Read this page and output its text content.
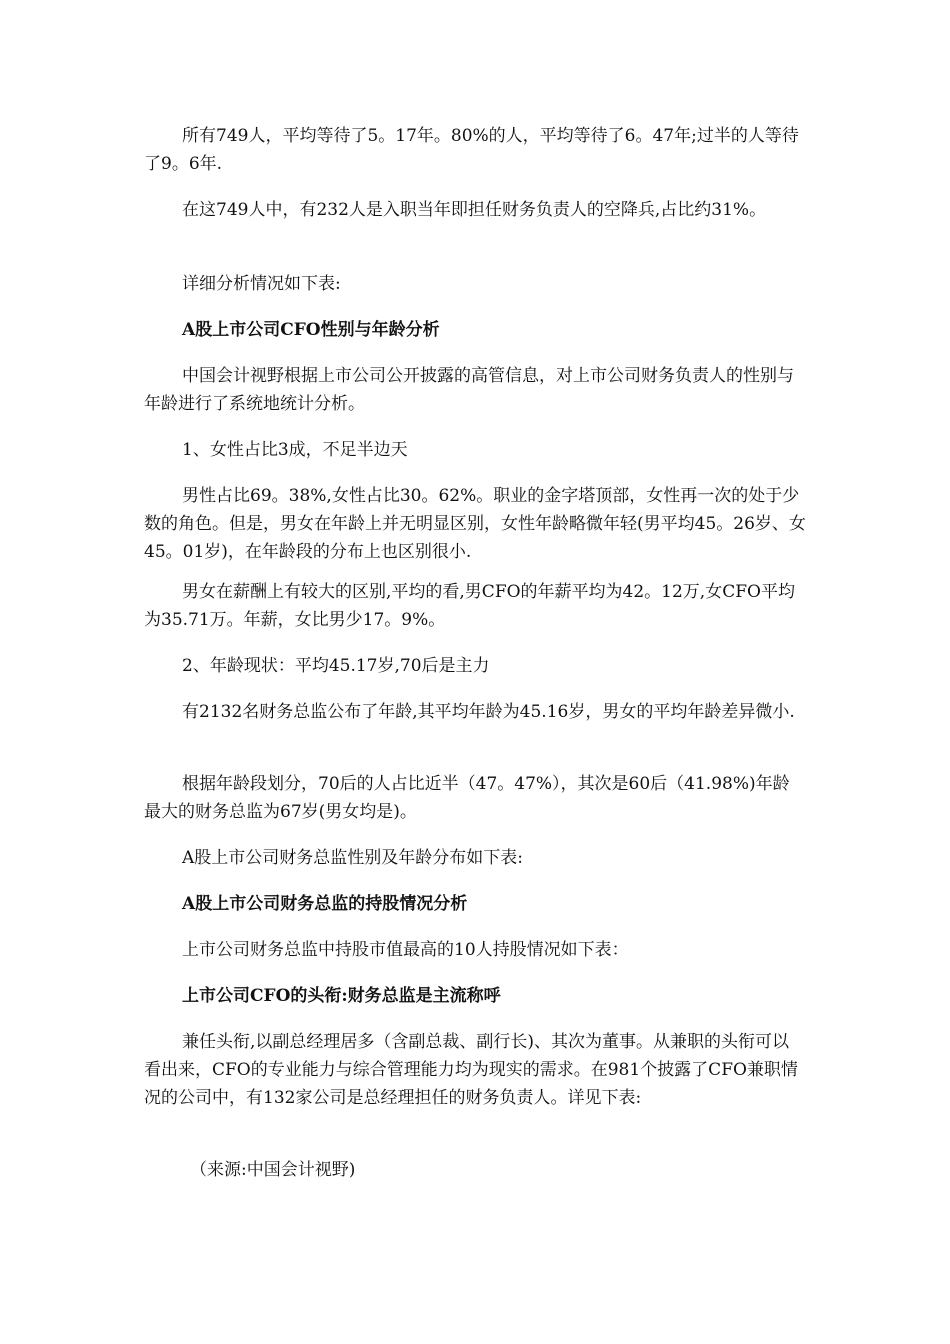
所有749人，平均等待了5。17年。80%的人，平均等待了6。47年;过半的人等待了9。6年.

在这749人中，有232人是入职当年即担任财务负责人的空降兵,占比约31%。

详细分析情况如下表:

A股上市公司CFO性别与年龄分析

中国会计视野根据上市公司公开披露的高管信息，对上市公司财务负责人的性别与年龄进行了系统地统计分析。

1、女性占比3成，不足半边天

男性占比69。38%,女性占比30。62%。职业的金字塔顶部，女性再一次的处于少数的角色。但是，男女在年龄上并无明显区别，女性年龄略微年轻(男平均45。26岁、女45。01岁)，在年龄段的分布上也区别很小.

男女在薪酬上有较大的区别,平均的看,男CFO的年薪平均为42。12万,女CFO平均为35.71万。年薪，女比男少17。9%。

2、年龄现状：平均45.17岁,70后是主力

有2132名财务总监公布了年龄,其平均年龄为45.16岁，男女的平均年龄差异微小.

根据年龄段划分，70后的人占比近半（47。47%），其次是60后（41.98%)年龄最大的财务总监为67岁(男女均是)。

A股上市公司财务总监性别及年龄分布如下表:

A股上市公司财务总监的持股情况分析

上市公司财务总监中持股市值最高的10人持股情况如下表：

上市公司CFO的头衔:财务总监是主流称呼

兼任头衔,以副总经理居多（含副总裁、副行长)、其次为董事。从兼职的头衔可以看出来，CFO的专业能力与综合管理能力均为现实的需求。在981个披露了CFO兼职情况的公司中，有132家公司是总经理担任的财务负责人。详见下表:

（来源:中国会计视野)
